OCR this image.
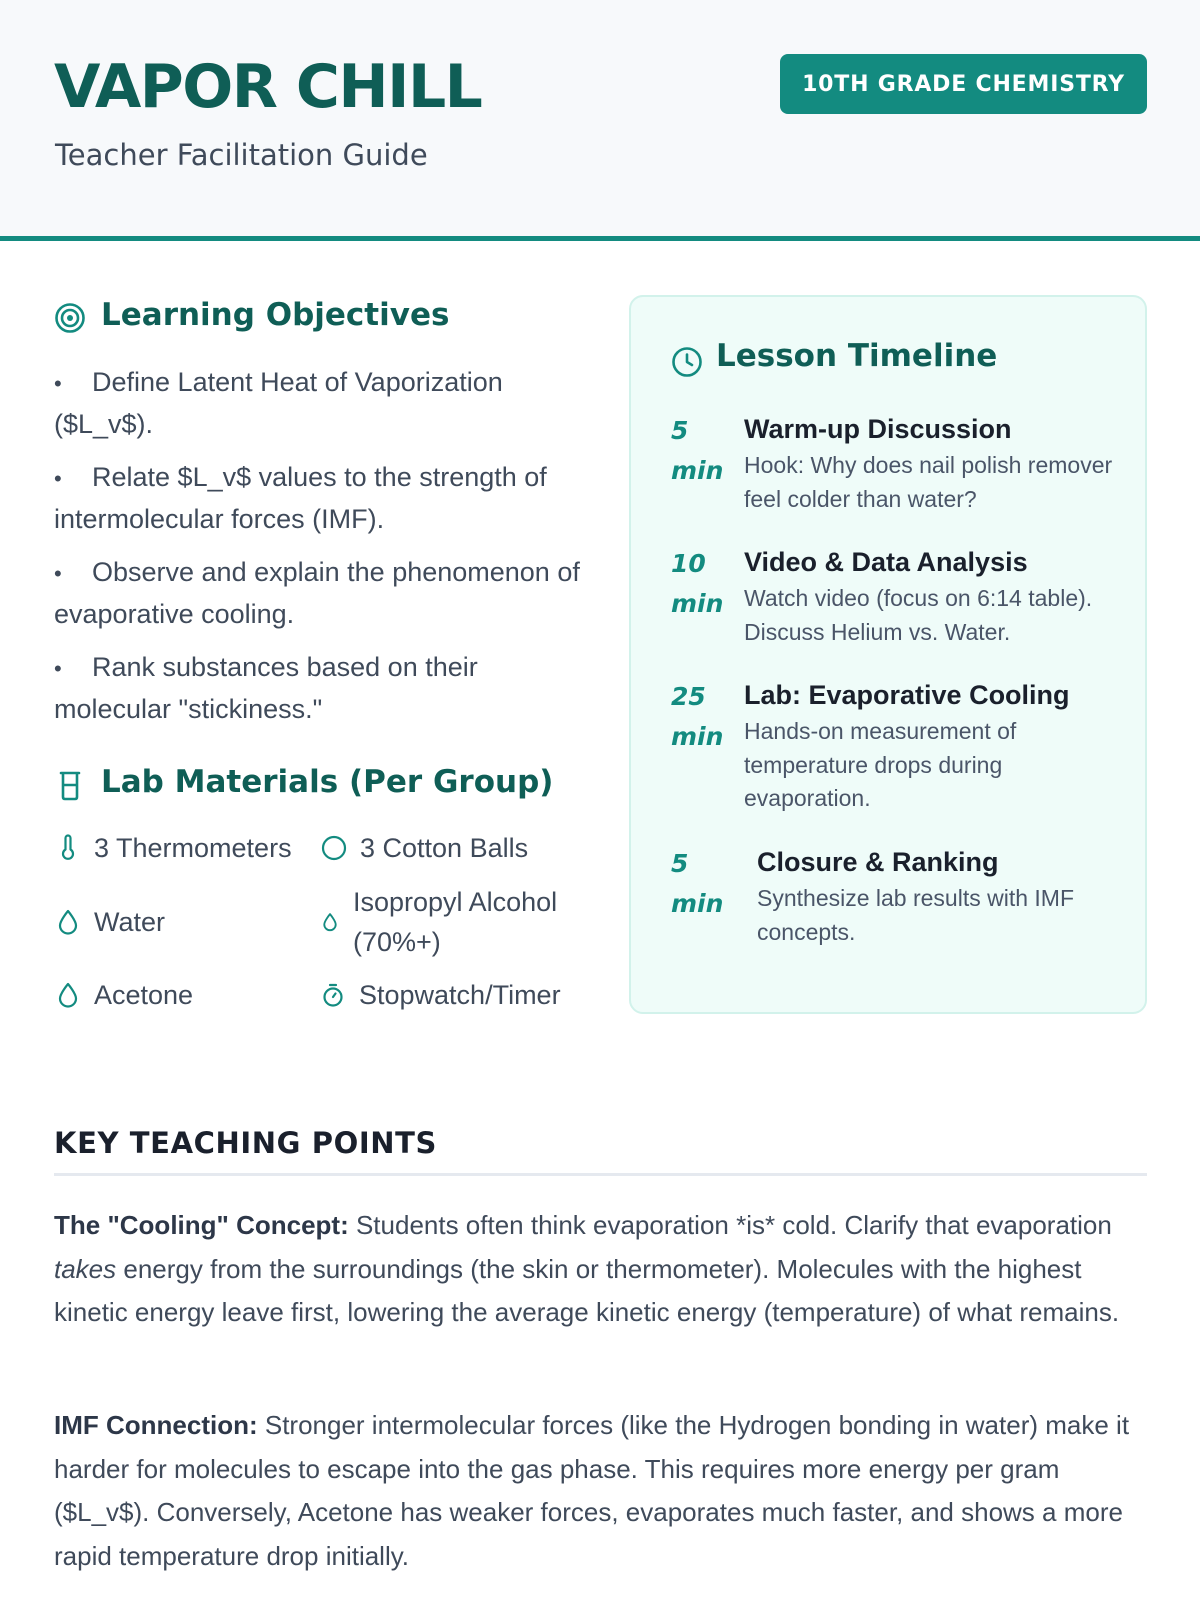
VAPOR CHILL
Teacher Facilitation Guide
10TH GRADE CHEMISTRY
Learning Objectives
• Define Latent Heat of Vaporization ($L_v$).
• Relate $L_v$ values to the strength of intermolecular forces (IMF).
• Observe and explain the phenomenon of evaporative cooling.
• Rank substances based on their molecular "stickiness."
Lab Materials (Per Group)
3 Thermometers	3 Cotton Balls
Water
Isopropyl Alcohol (70%+)
Acetone	Stopwatch/Timer
Lesson Timeline
5
min
Warm-up Discussion
Hook: Why does nail polish remover feel colder than water?
10
min
Video & Data Analysis
Watch video (focus on 6:14 table). Discuss Helium vs. Water.
25
min
Lab: Evaporative Cooling
Hands-on measurement of temperature drops during evaporation.
5
min
Closure & Ranking
Synthesize lab results with IMF concepts.
KEY TEACHING POINTS

The "Cooling" Concept: Students often think evaporation *is* cold. Clarify that evaporation takes energy from the surroundings (the skin or thermometer). Molecules with the highest kinetic energy leave first, lowering the average kinetic energy (temperature) of what remains.

IMF Connection: Stronger intermolecular forces (like the Hydrogen bonding in water) make it harder for molecules to escape into the gas phase. This requires more energy per gram ($L_v$). Conversely, Acetone has weaker forces, evaporates much faster, and shows a more rapid temperature drop initially.
